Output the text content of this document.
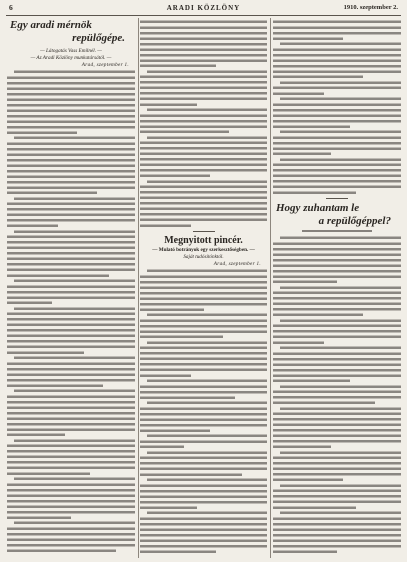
6	ARADI KÖZLÖNY	1910. szeptember 2.
Egy aradi mérnök
repülőgépe.
— Látogatás Vass Emilnél. —
— Az Aradi Közlöny munkatársától. —
Arad, szeptember 1.
Megnyitott pincér.
— Mulató botrányok egy szerkesztőségben. —
Saját tudósítónktól.
Arad, szeptember 1.
Hogy zuhantam le
a repülőgéppel?
